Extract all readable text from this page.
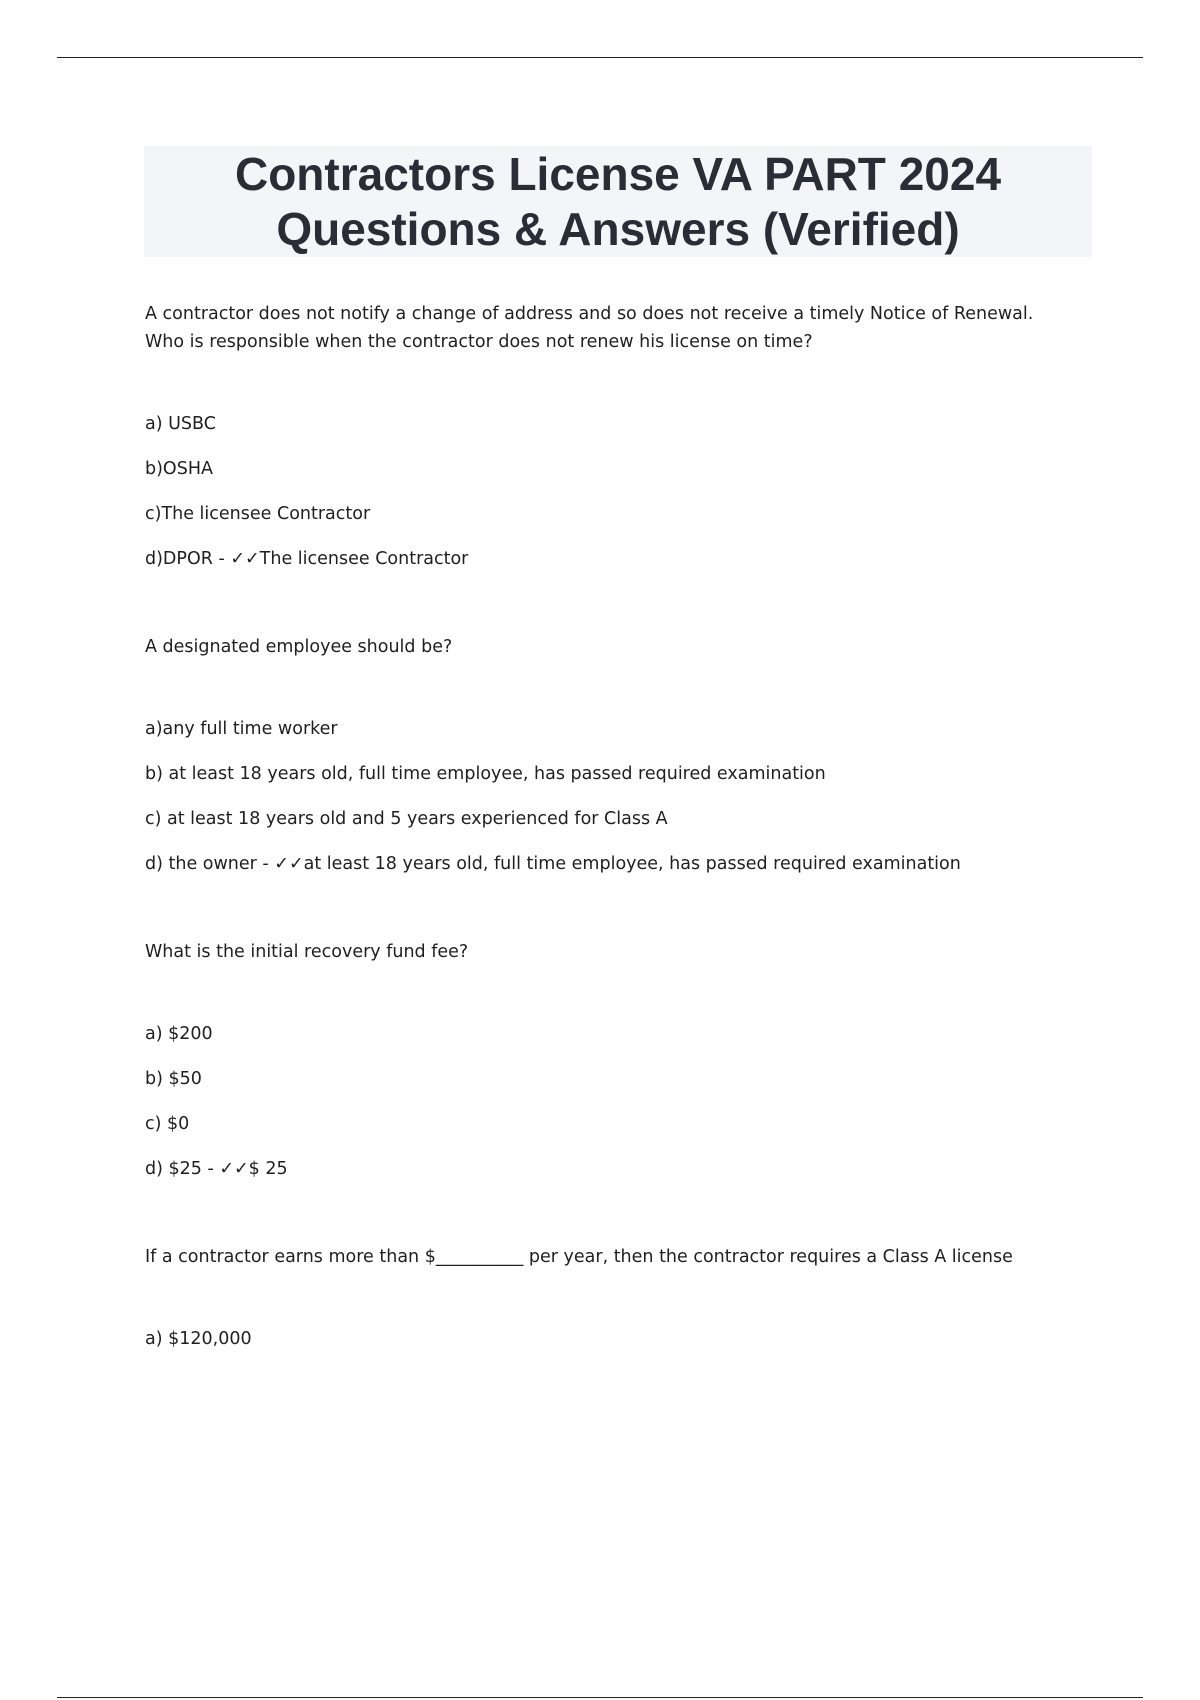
Contractors License VA PART 2024
Questions & Answers (Verified)

A contractor does not notify a change of address and so does not receive a timely Notice of Renewal.
Who is responsible when the contractor does not renew his license on time?

a) USBC
b)OSHA
c)The licensee Contractor
d)DPOR - ✓✓The licensee Contractor

A designated employee should be?

a)any full time worker
b) at least 18 years old, full time employee, has passed required examination
c) at least 18 years old and 5 years experienced for Class A
d) the owner - ✓✓at least 18 years old, full time employee, has passed required examination

What is the initial recovery fund fee?

a) $200
b) $50
c) $0
d) $25 - ✓✓$ 25

If a contractor earns more than $__________ per year, then the contractor requires a Class A license

a) $120,000
